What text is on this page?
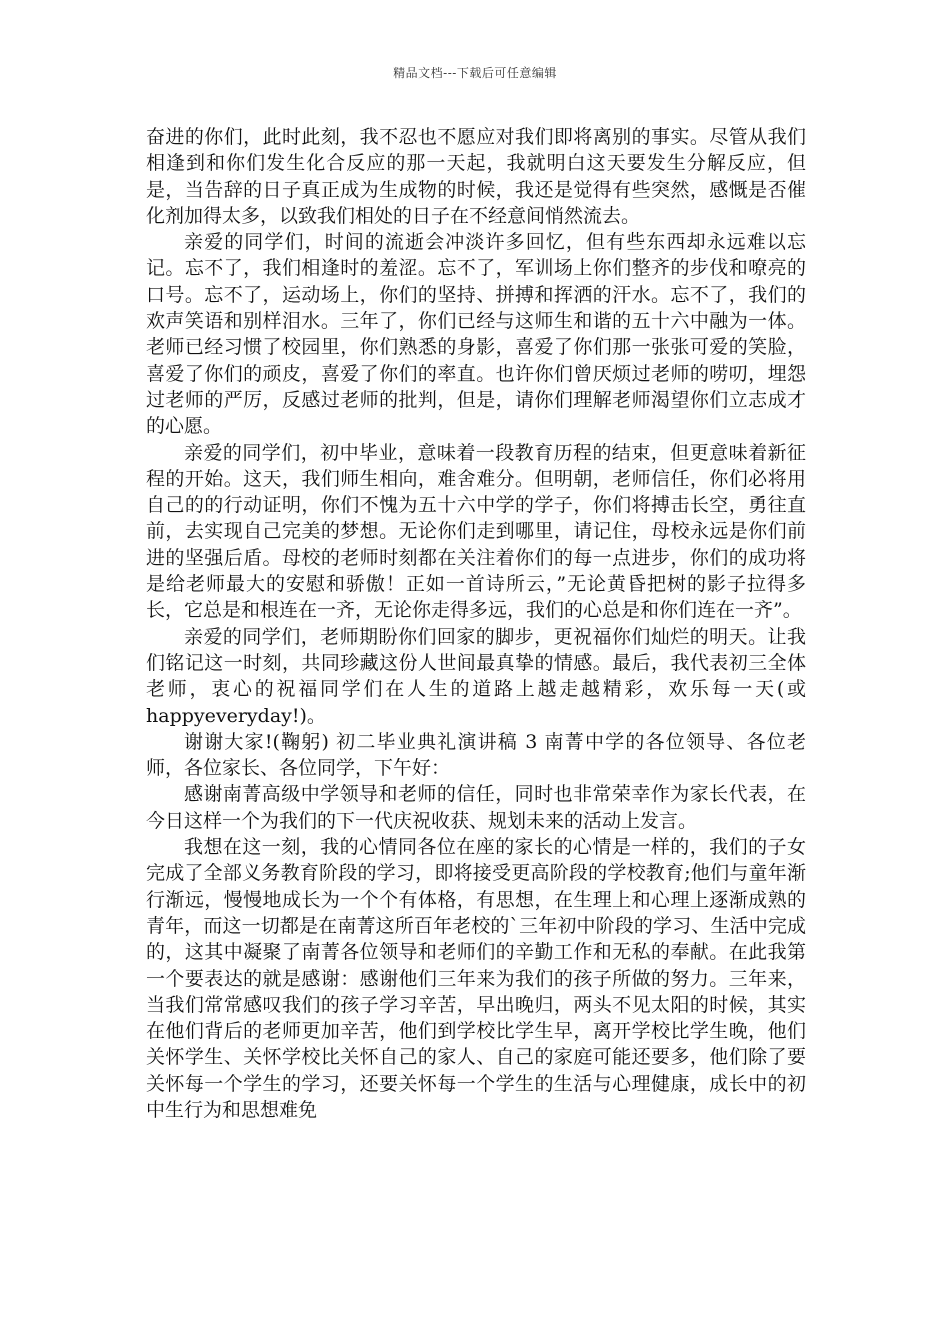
精品文档---下载后可任意编辑

奋进的你们，此时此刻，我不忍也不愿应对我们即将离别的事实。尽管从我们相逢到和你们发生化合反应的那一天起，我就明白这天要发生分解反应，但是，当告辞的日子真正成为生成物的时候，我还是觉得有些突然，感慨是否催化剂加得太多，以致我们相处的日子在不经意间悄然流去。

亲爱的同学们，时间的流逝会冲淡许多回忆，但有些东西却永远难以忘记。忘不了，我们相逢时的羞涩。忘不了，军训场上你们整齐的步伐和嘹亮的口号。忘不了，运动场上，你们的坚持、拼搏和挥洒的汗水。忘不了，我们的欢声笑语和别样泪水。三年了，你们已经与这师生和谐的五十六中融为一体。老师已经习惯了校园里，你们熟悉的身影，喜爱了你们那一张张可爱的笑脸，喜爱了你们的顽皮，喜爱了你们的率直。也许你们曾厌烦过老师的唠叨，埋怨过老师的严厉，反感过老师的批判，但是，请你们理解老师渴望你们立志成才的心愿。

亲爱的同学们，初中毕业，意味着一段教育历程的结束，但更意味着新征程的开始。这天，我们师生相向，难舍难分。但明朝，老师信任，你们必将用自己的的行动证明，你们不愧为五十六中学的学子，你们将搏击长空，勇往直前，去实现自己完美的梦想。无论你们走到哪里，请记住，母校永远是你们前进的坚强后盾。母校的老师时刻都在关注着你们的每一点进步，你们的成功将是给老师最大的安慰和骄傲！正如一首诗所云，”无论黄昏把树的影子拉得多长，它总是和根连在一齐，无论你走得多远，我们的心总是和你们连在一齐”。

亲爱的同学们，老师期盼你们回家的脚步，更祝福你们灿烂的明天。让我们铭记这一时刻，共同珍藏这份人世间最真挚的情感。最后，我代表初三全体老师，衷心的祝福同学们在人生的道路上越走越精彩，欢乐每一天(或 happyeveryday!)。

谢谢大家!(鞠躬) 初二毕业典礼演讲稿 3 南菁中学的各位领导、各位老师，各位家长、各位同学，下午好：

感谢南菁高级中学领导和老师的信任，同时也非常荣幸作为家长代表，在今日这样一个为我们的下一代庆祝收获、规划未来的活动上发言。

我想在这一刻，我的心情同各位在座的家长的心情是一样的，我们的子女完成了全部义务教育阶段的学习，即将接受更高阶段的学校教育;他们与童年渐行渐远，慢慢地成长为一个个有体格，有思想，在生理上和心理上逐渐成熟的青年，而这一切都是在南菁这所百年老校的`三年初中阶段的学习、生活中完成的，这其中凝聚了南菁各位领导和老师们的辛勤工作和无私的奉献。在此我第一个要表达的就是感谢：感谢他们三年来为我们的孩子所做的努力。三年来，当我们常常感叹我们的孩子学习辛苦，早出晚归，两头不见太阳的时候，其实在他们背后的老师更加辛苦，他们到学校比学生早，离开学校比学生晚，他们关怀学生、关怀学校比关怀自己的家人、自己的家庭可能还要多，他们除了要关怀每一个学生的学习，还要关怀每一个学生的生活与心理健康，成长中的初中生行为和思想难免
